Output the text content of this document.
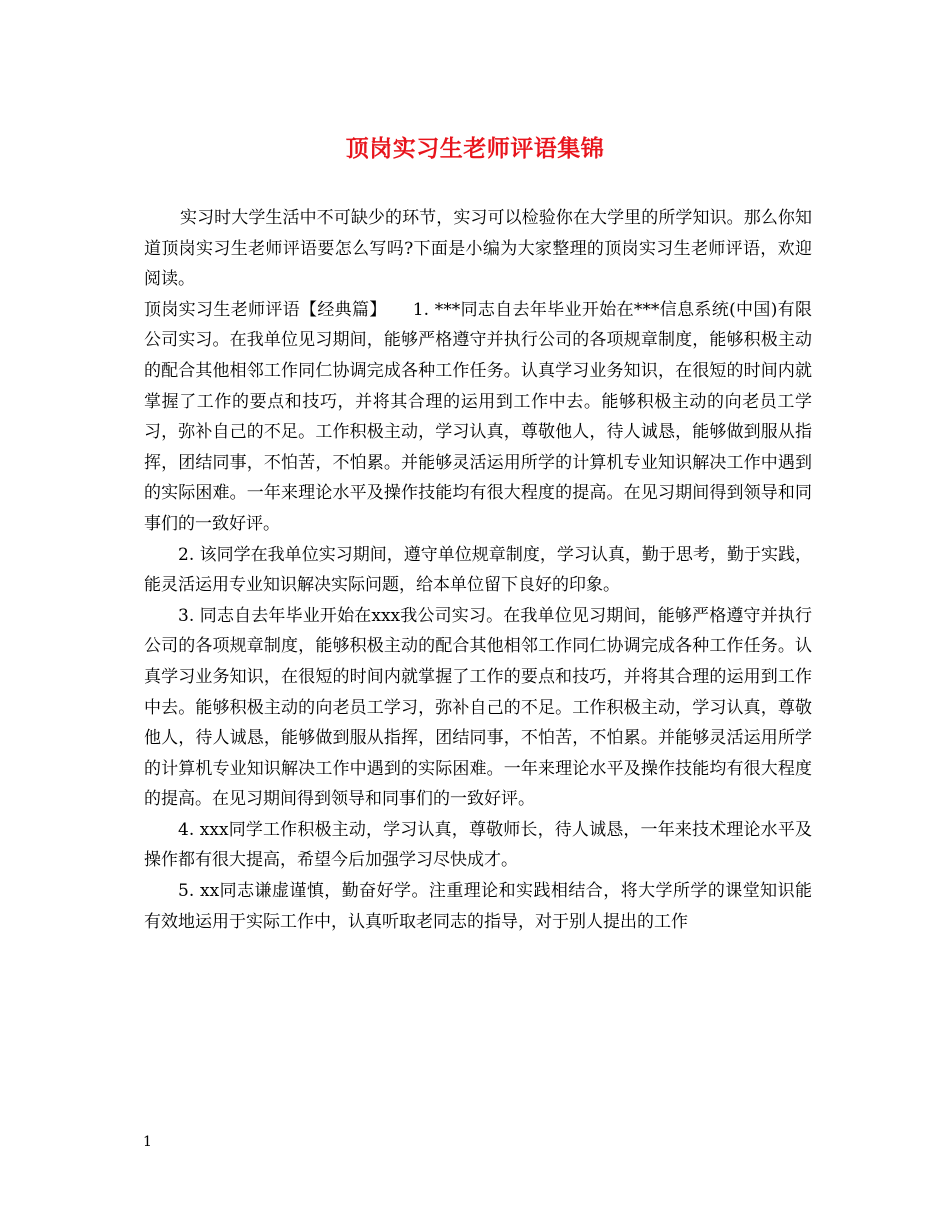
顶岗实习生老师评语集锦

实习时大学生活中不可缺少的环节，实习可以检验你在大学里的所学知识。那么你知道顶岗实习生老师评语要怎么写吗?下面是小编为大家整理的顶岗实习生老师评语，欢迎阅读。

顶岗实习生老师评语【经典篇】　　1. ***同志自去年毕业开始在***信息系统(中国)有限公司实习。在我单位见习期间，能够严格遵守并执行公司的各项规章制度，能够积极主动的配合其他相邻工作同仁协调完成各种工作任务。认真学习业务知识，在很短的时间内就掌握了工作的要点和技巧，并将其合理的运用到工作中去。能够积极主动的向老员工学习，弥补自己的不足。工作积极主动，学习认真，尊敬他人，待人诚恳，能够做到服从指挥，团结同事，不怕苦，不怕累。并能够灵活运用所学的计算机专业知识解决工作中遇到的实际困难。一年来理论水平及操作技能均有很大程度的提高。在见习期间得到领导和同事们的一致好评。

2. 该同学在我单位实习期间，遵守单位规章制度，学习认真，勤于思考，勤于实践，能灵活运用专业知识解决实际问题，给本单位留下良好的印象。

3. 同志自去年毕业开始在xxx我公司实习。在我单位见习期间，能够严格遵守并执行公司的各项规章制度，能够积极主动的配合其他相邻工作同仁协调完成各种工作任务。认真学习业务知识，在很短的时间内就掌握了工作的要点和技巧，并将其合理的运用到工作中去。能够积极主动的向老员工学习，弥补自己的不足。工作积极主动，学习认真，尊敬他人，待人诚恳，能够做到服从指挥，团结同事，不怕苦，不怕累。并能够灵活运用所学的计算机专业知识解决工作中遇到的实际困难。一年来理论水平及操作技能均有很大程度的提高。在见习期间得到领导和同事们的一致好评。

4. xxx同学工作积极主动，学习认真，尊敬师长，待人诚恳，一年来技术理论水平及操作都有很大提高，希望今后加强学习尽快成才。

5. xx同志谦虚谨慎，勤奋好学。注重理论和实践相结合，将大学所学的课堂知识能有效地运用于实际工作中，认真听取老同志的指导，对于别人提出的工作

1
